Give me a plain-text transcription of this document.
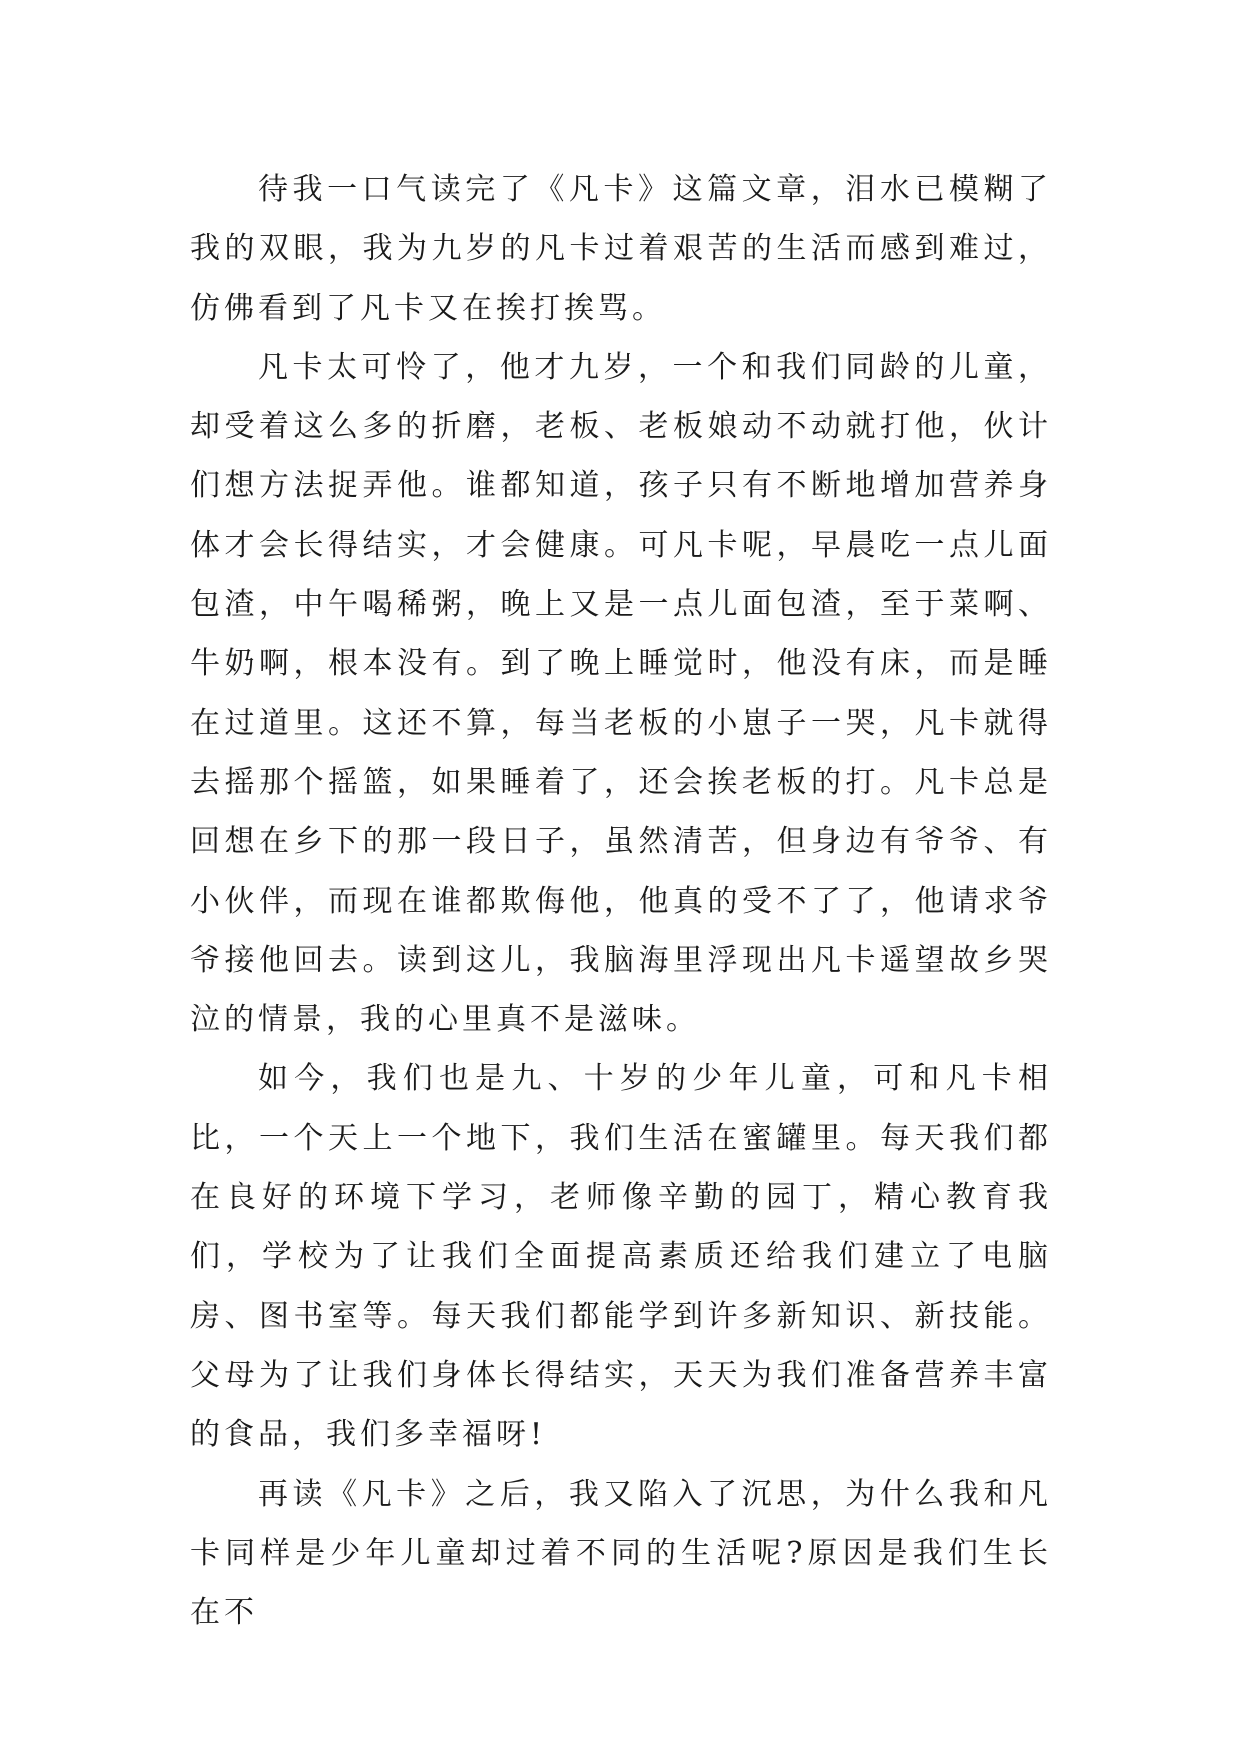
待我一口气读完了《凡卡》这篇文章，泪水已模糊了我的双眼，我为九岁的凡卡过着艰苦的生活而感到难过，仿佛看到了凡卡又在挨打挨骂。

凡卡太可怜了，他才九岁，一个和我们同龄的儿童，却受着这么多的折磨，老板、老板娘动不动就打他，伙计们想方法捉弄他。谁都知道，孩子只有不断地增加营养身体才会长得结实，才会健康。可凡卡呢，早晨吃一点儿面包渣，中午喝稀粥，晚上又是一点儿面包渣，至于菜啊、牛奶啊，根本没有。到了晚上睡觉时，他没有床，而是睡在过道里。这还不算，每当老板的小崽子一哭，凡卡就得去摇那个摇篮，如果睡着了，还会挨老板的打。凡卡总是回想在乡下的那一段日子，虽然清苦，但身边有爷爷、有小伙伴，而现在谁都欺侮他，他真的受不了了，他请求爷爷接他回去。读到这儿，我脑海里浮现出凡卡遥望故乡哭泣的情景，我的心里真不是滋味。

如今，我们也是九、十岁的少年儿童，可和凡卡相比，一个天上一个地下，我们生活在蜜罐里。每天我们都在良好的环境下学习，老师像辛勤的园丁，精心教育我们，学校为了让我们全面提高素质还给我们建立了电脑房、图书室等。每天我们都能学到许多新知识、新技能。父母为了让我们身体长得结实，天天为我们准备营养丰富的食品，我们多幸福呀!

再读《凡卡》之后，我又陷入了沉思，为什么我和凡卡同样是少年儿童却过着不同的生活呢?原因是我们生长在不
